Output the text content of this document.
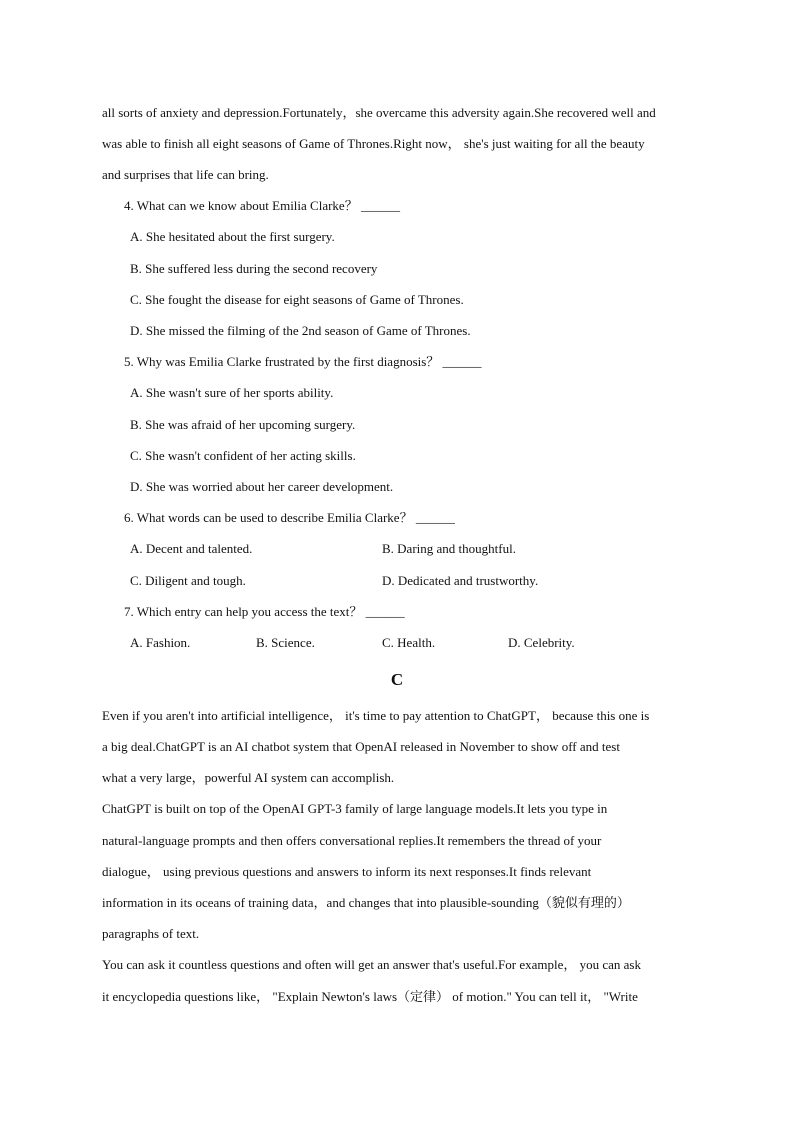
all sorts of anxiety and depression.Fortunately，she overcame this adversity again.She recovered well and
was able to finish all eight seasons of Game of Thrones.Right now， she's just waiting for all the beauty
and surprises that life can bring.
4. What can we know about Emilia Clarke？ ______
A. She hesitated about the first surgery.
B. She suffered less during the second recovery
C. She fought the disease for eight seasons of Game of Thrones.
D. She missed the filming of the 2nd season of Game of Thrones.
5. Why was Emilia Clarke frustrated by the first diagnosis？ ______
A. She wasn't sure of her sports ability.
B. She was afraid of her upcoming surgery.
C. She wasn't confident of her acting skills.
D. She was worried about her career development.
6. What words can be used to describe Emilia Clarke？ ______
A. Decent and talented.	B. Daring and thoughtful.
C. Diligent and tough.	D. Dedicated and trustworthy.
7. Which entry can help you access the text？ ______
A. Fashion.	B. Science.	C. Health.	D. Celebrity.
C
Even if you aren't into artificial intelligence， it's time to pay attention to ChatGPT， because this one is
a big deal.ChatGPT is an AI chatbot system that OpenAI released in November to show off and test
what a very large，powerful AI system can accomplish.
ChatGPT is built on top of the OpenAI GPT-3 family of large language models.It lets you type in
natural-language prompts and then offers conversational replies.It remembers the thread of your
dialogue， using previous questions and answers to inform its next responses.It finds relevant
information in its oceans of training data，and changes that into plausible-sounding（貌似有理的）
paragraphs of text.
You can ask it countless questions and often will get an answer that's useful.For example， you can ask
it encyclopedia questions like， "Explain Newton's laws（定律） of motion." You can tell it， "Write
